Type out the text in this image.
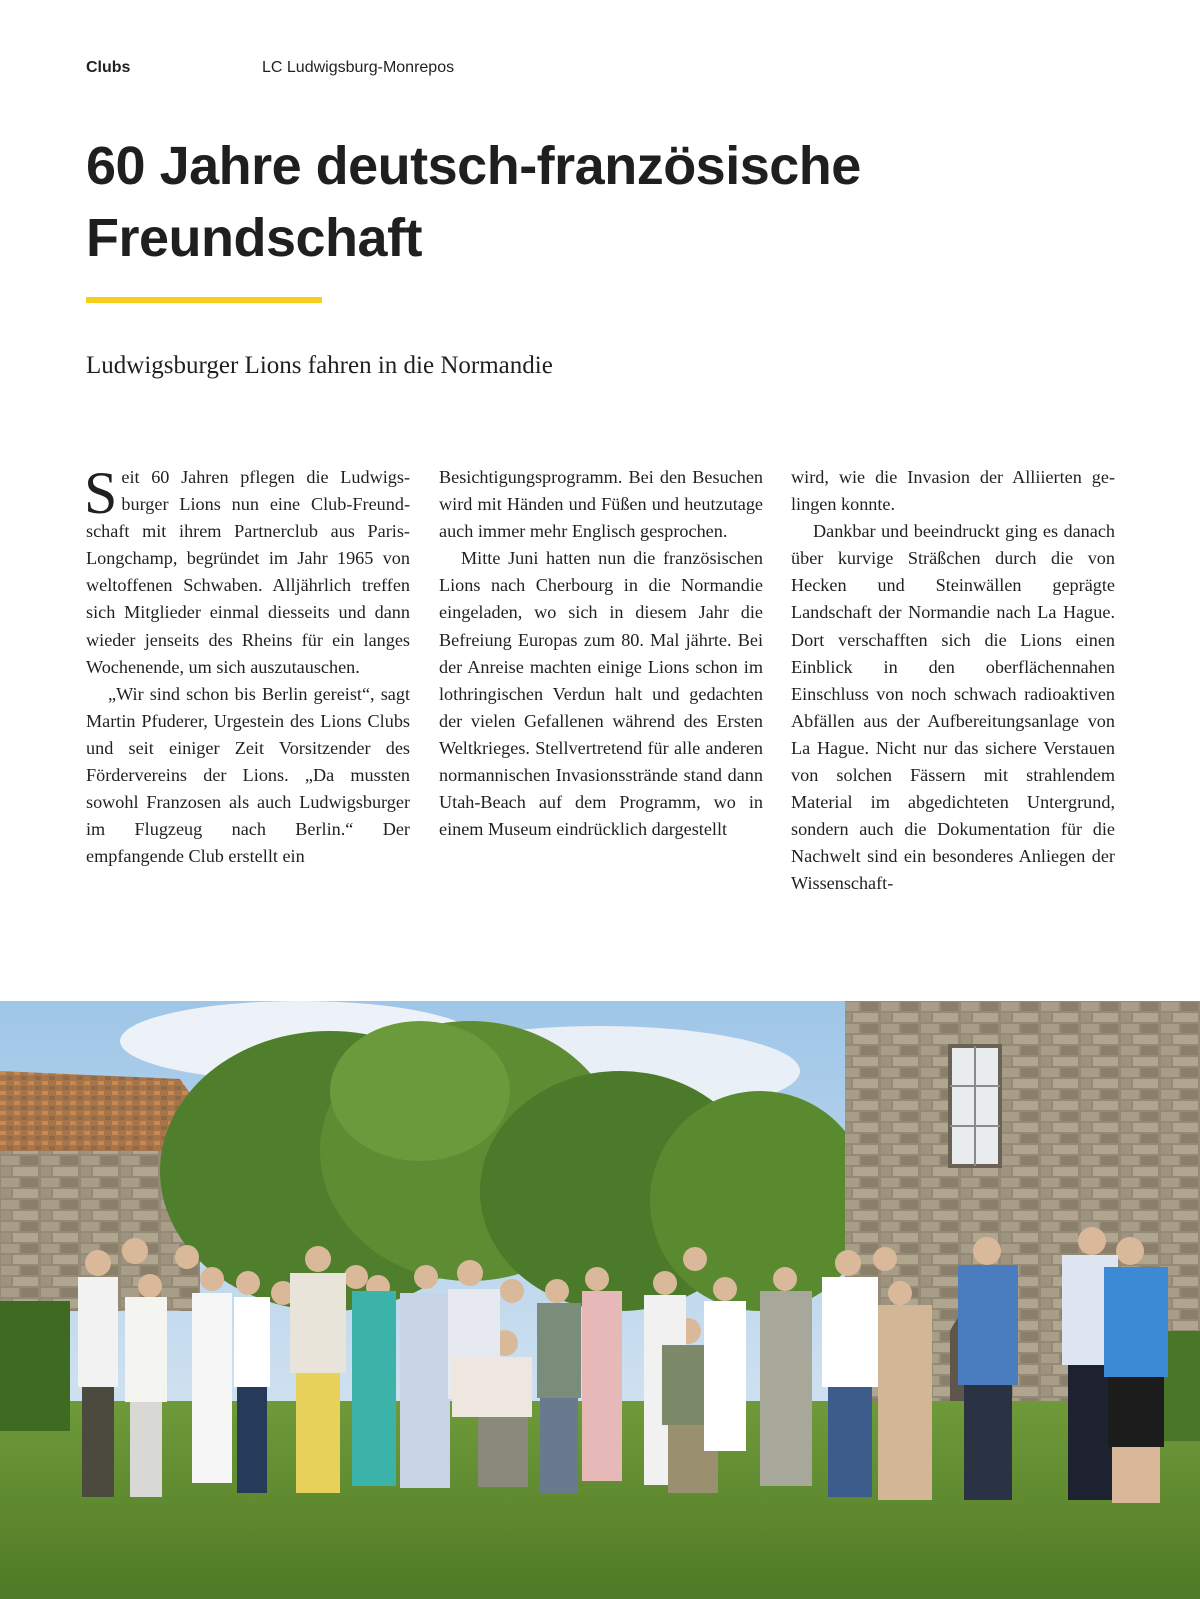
Clubs	LC Ludwigsburg-Monrepos
60 Jahre deutsch-französische
Freundschaft
Ludwigsburger Lions fahren in die Normandie

Seit 60 Jahren pflegen die Ludwigsburger Lions nun eine Club-Freundschaft mit ihrem Partnerclub aus Paris-Longchamp, begründet im Jahr 1965 von weltoffenen Schwaben. Alljährlich treffen sich Mitglieder einmal diesseits und dann wieder jenseits des Rheins für ein langes Wochenende, um sich auszutauschen.

„Wir sind schon bis Berlin gereist“, sagt Martin Pfuderer, Urgestein des Lions Clubs und seit einiger Zeit Vorsitzender des Fördervereins der Lions. „Da mussten sowohl Franzosen als auch Ludwigsburger im Flugzeug nach Berlin.“ Der empfangende Club erstellt ein

Besichtigungsprogramm. Bei den Besuchen wird mit Händen und Füßen und heutzutage auch immer mehr Englisch gesprochen.

Mitte Juni hatten nun die französischen Lions nach Cherbourg in die Normandie eingeladen, wo sich in diesem Jahr die Befreiung Europas zum 80. Mal jährte. Bei der Anreise machten einige Lions schon im lothringischen Verdun halt und gedachten der vielen Gefallenen während des Ersten Weltkrieges. Stellvertretend für alle anderen normannischen Invasionsstrände stand dann Utah-Beach auf dem Programm, wo in einem Museum eindrücklich dargestellt

wird, wie die Invasion der Alliierten gelingen konnte.

Dankbar und beeindruckt ging es danach über kurvige Sträßchen durch die von Hecken und Steinwällen geprägte Landschaft der Normandie nach La Hague. Dort verschafften sich die Lions einen Einblick in den oberflächennahen Einschluss von noch schwach radioaktiven Abfällen aus der Aufbereitungsanlage von La Hague. Nicht nur das sichere Verstauen von solchen Fässern mit strahlendem Material im abgedichteten Untergrund, sondern auch die Dokumentation für die Nachwelt sind ein besonderes Anliegen der Wissenschaft-
